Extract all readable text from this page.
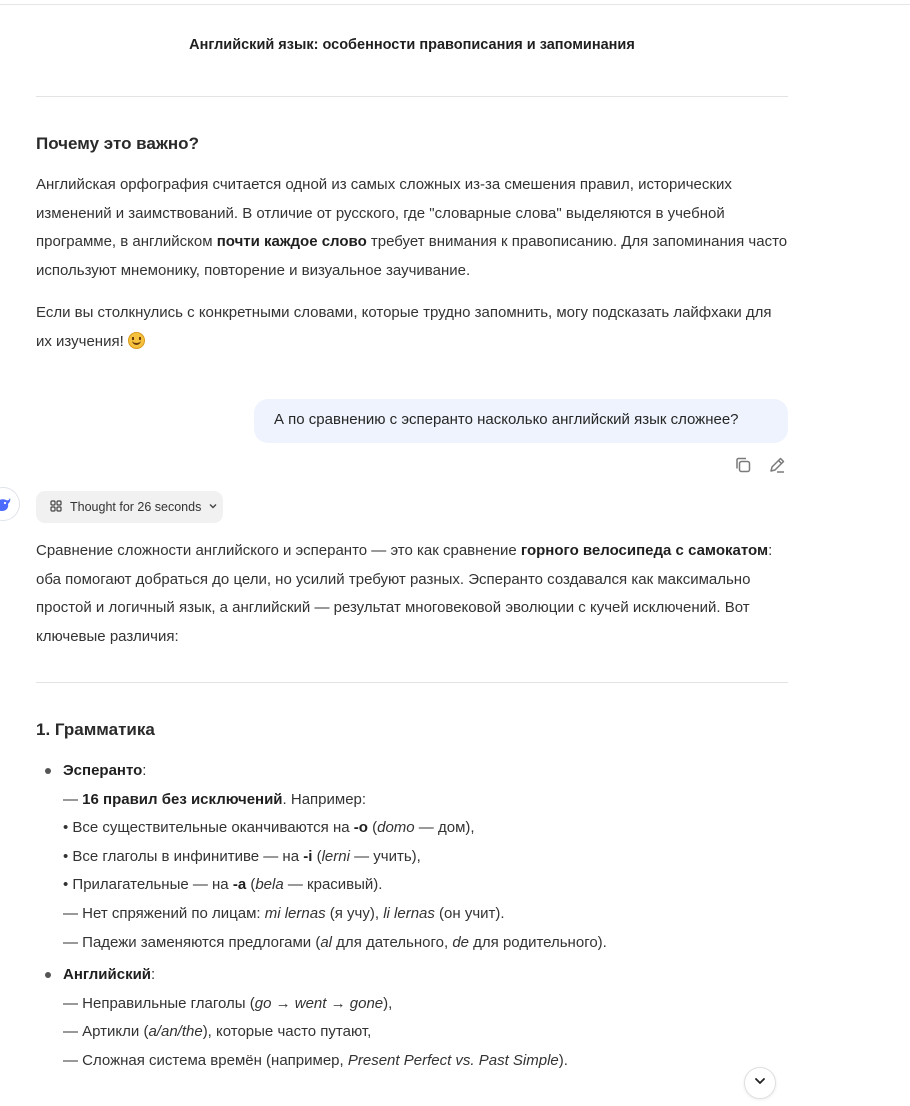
Английский язык: особенности правописания и запоминания
Почему это важно?
Английская орфография считается одной из самых сложных из-за смешения правил, исторических изменений и заимствований. В отличие от русского, где "словарные слова" выделяются в учебной программе, в английском почти каждое слово требует внимания к правописанию. Для запоминания часто используют мнемонику, повторение и визуальное заучивание.
Если вы столкнулись с конкретными словами, которые трудно запомнить, могу подсказать лайфхаки для их изучения!
А по сравнению с эсперанто насколько английский язык сложнее?
Thought for 26 seconds
Сравнение сложности английского и эсперанто — это как сравнение горного велосипеда с самокатом: оба помогают добраться до цели, но усилий требуют разных. Эсперанто создавался как максимально простой и логичный язык, а английский — результат многовековой эволюции с кучей исключений. Вот ключевые различия:
1. Грамматика
Эсперанто:
— 16 правил без исключений. Например:
• Все существительные оканчиваются на -o (domo — дом),
• Все глаголы в инфинитиве — на -i (lerni — учить),
• Прилагательные — на -a (bela — красивый).
— Нет спряжений по лицам: mi lernas (я учу), li lernas (он учит).
— Падежи заменяются предлогами (al для дательного, de для родительного).
Английский:
— Неправильные глаголы (go → went → gone),
— Артикли (a/an/the), которые часто путают,
— Сложная система времён (например, Present Perfect vs. Past Simple).
